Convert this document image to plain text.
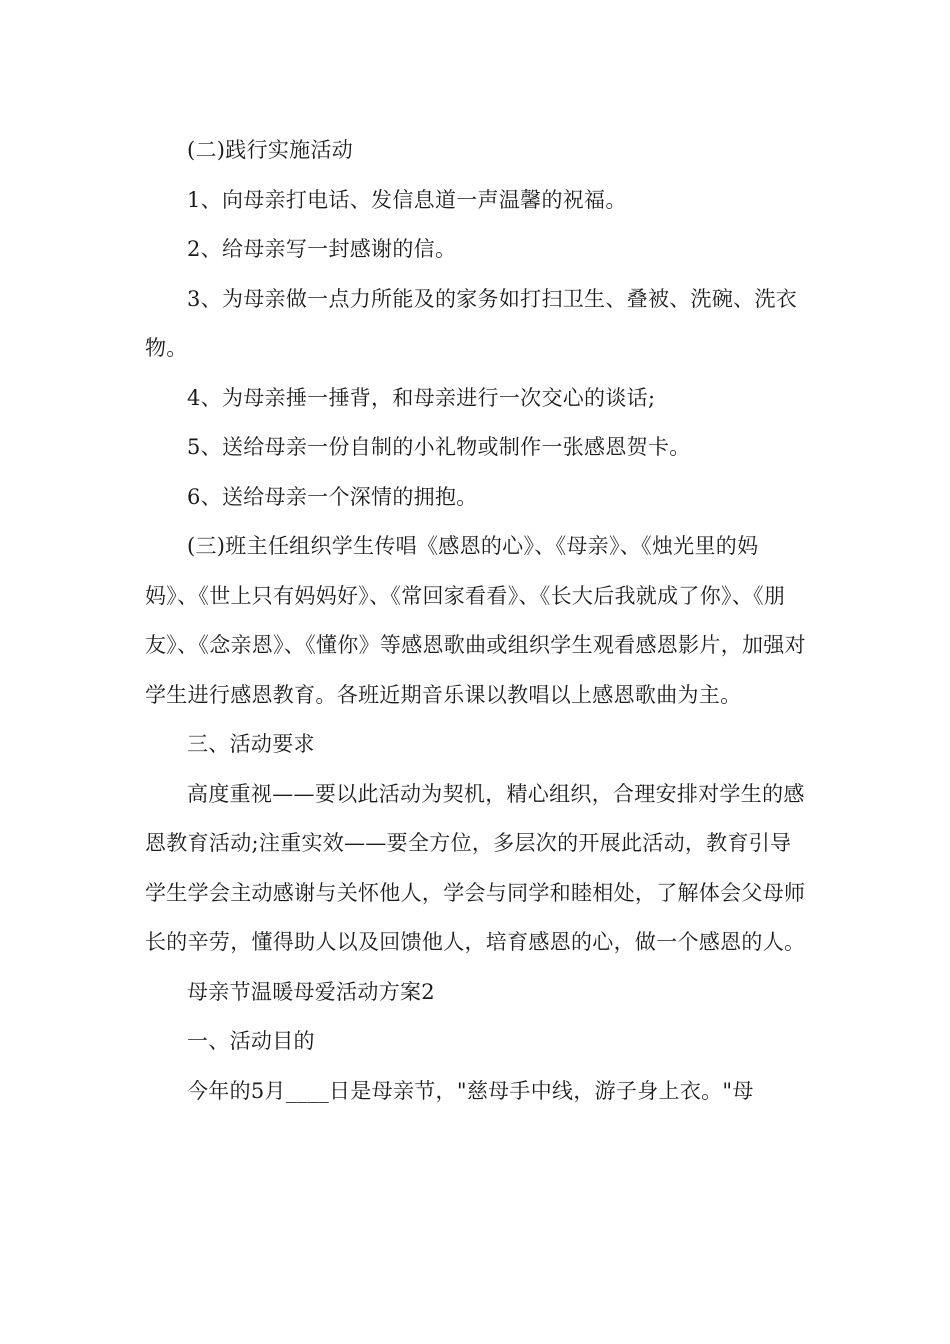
(二)践行实施活动

1、向母亲打电话、发信息道一声温馨的祝福。

2、给母亲写一封感谢的信。

3、为母亲做一点力所能及的家务如打扫卫生、叠被、洗碗、洗衣物。

4、为母亲捶一捶背，和母亲进行一次交心的谈话;

5、送给母亲一份自制的小礼物或制作一张感恩贺卡。

6、送给母亲一个深情的拥抱。

(三)班主任组织学生传唱《感恩的心》、《母亲》、《烛光里的妈妈》、《世上只有妈妈好》、《常回家看看》、《长大后我就成了你》、《朋友》、《念亲恩》、《懂你》等感恩歌曲或组织学生观看感恩影片，加强对学生进行感恩教育。各班近期音乐课以教唱以上感恩歌曲为主。

三、活动要求

高度重视——要以此活动为契机，精心组织，合理安排对学生的感恩教育活动;注重实效——要全方位，多层次的开展此活动，教育引导学生学会主动感谢与关怀他人，学会与同学和睦相处，了解体会父母师长的辛劳，懂得助人以及回馈他人，培育感恩的心，做一个感恩的人。

母亲节温暖母爱活动方案2

一、活动目的

今年的5月____日是母亲节，"慈母手中线，游子身上衣。"母
